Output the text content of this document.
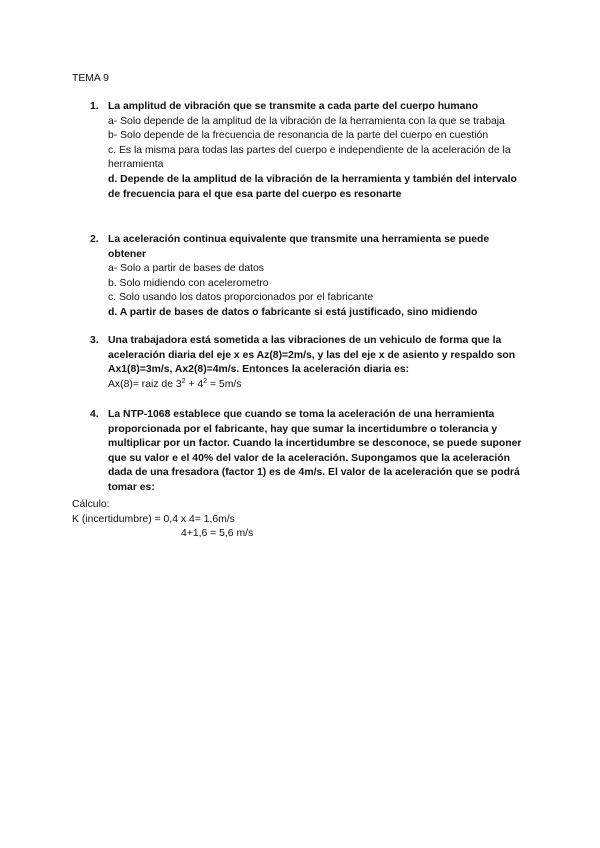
TEMA 9
1. La amplitud de vibración que se transmite a cada parte del cuerpo humano
a- Solo depende de la amplitud de la vibración de la herramienta con la que se trabaja
b- Solo depende de la frecuencia de resonancia de la parte del cuerpo en cuestión
c. Es la misma para todas las partes del cuerpo e independiente de la aceleración de la herramienta
d. Depende de la amplitud de la vibración de la herramienta y también del intervalo de frecuencia para el que esa parte del cuerpo es resonarte
2. La aceleración continua equivalente que transmite una herramienta se puede obtener
a- Solo a partir de bases de datos
b. Solo midiendo con acelerometro
c. Solo usando los datos proporcionados por el fabricante
d. A partir de bases de datos o fabricante si está justificado, sino midiendo
3. Una trabajadora está sometida a las vibraciones de un vehiculo de forma que la aceleración diaria del eje x es Az(8)=2m/s, y las del eje x de asiento y respaldo son Ax1(8)=3m/s, Ax2(8)=4m/s. Entonces la aceleración diaria es:
Ax(8)= raiz de $3^2 + 4^2 = 5m/s$
4. La NTP-1068 establece que cuando se toma la aceleración de una herramienta proporcionada por el fabricante, hay que sumar la incertidumbre o tolerancia y multiplicar por un factor. Cuando la incertidumbre se desconoce, se puede suponer que su valor e el 40% del valor de la aceleración. Supongamos que la aceleración dada de una fresadora (factor 1) es de 4m/s. El valor de la aceleración que se podrá tomar es:
Cálculo:
K (incertidumbre) = 0,4 x 4= 1,6m/s
4+1,6 = 5,6 m/s
